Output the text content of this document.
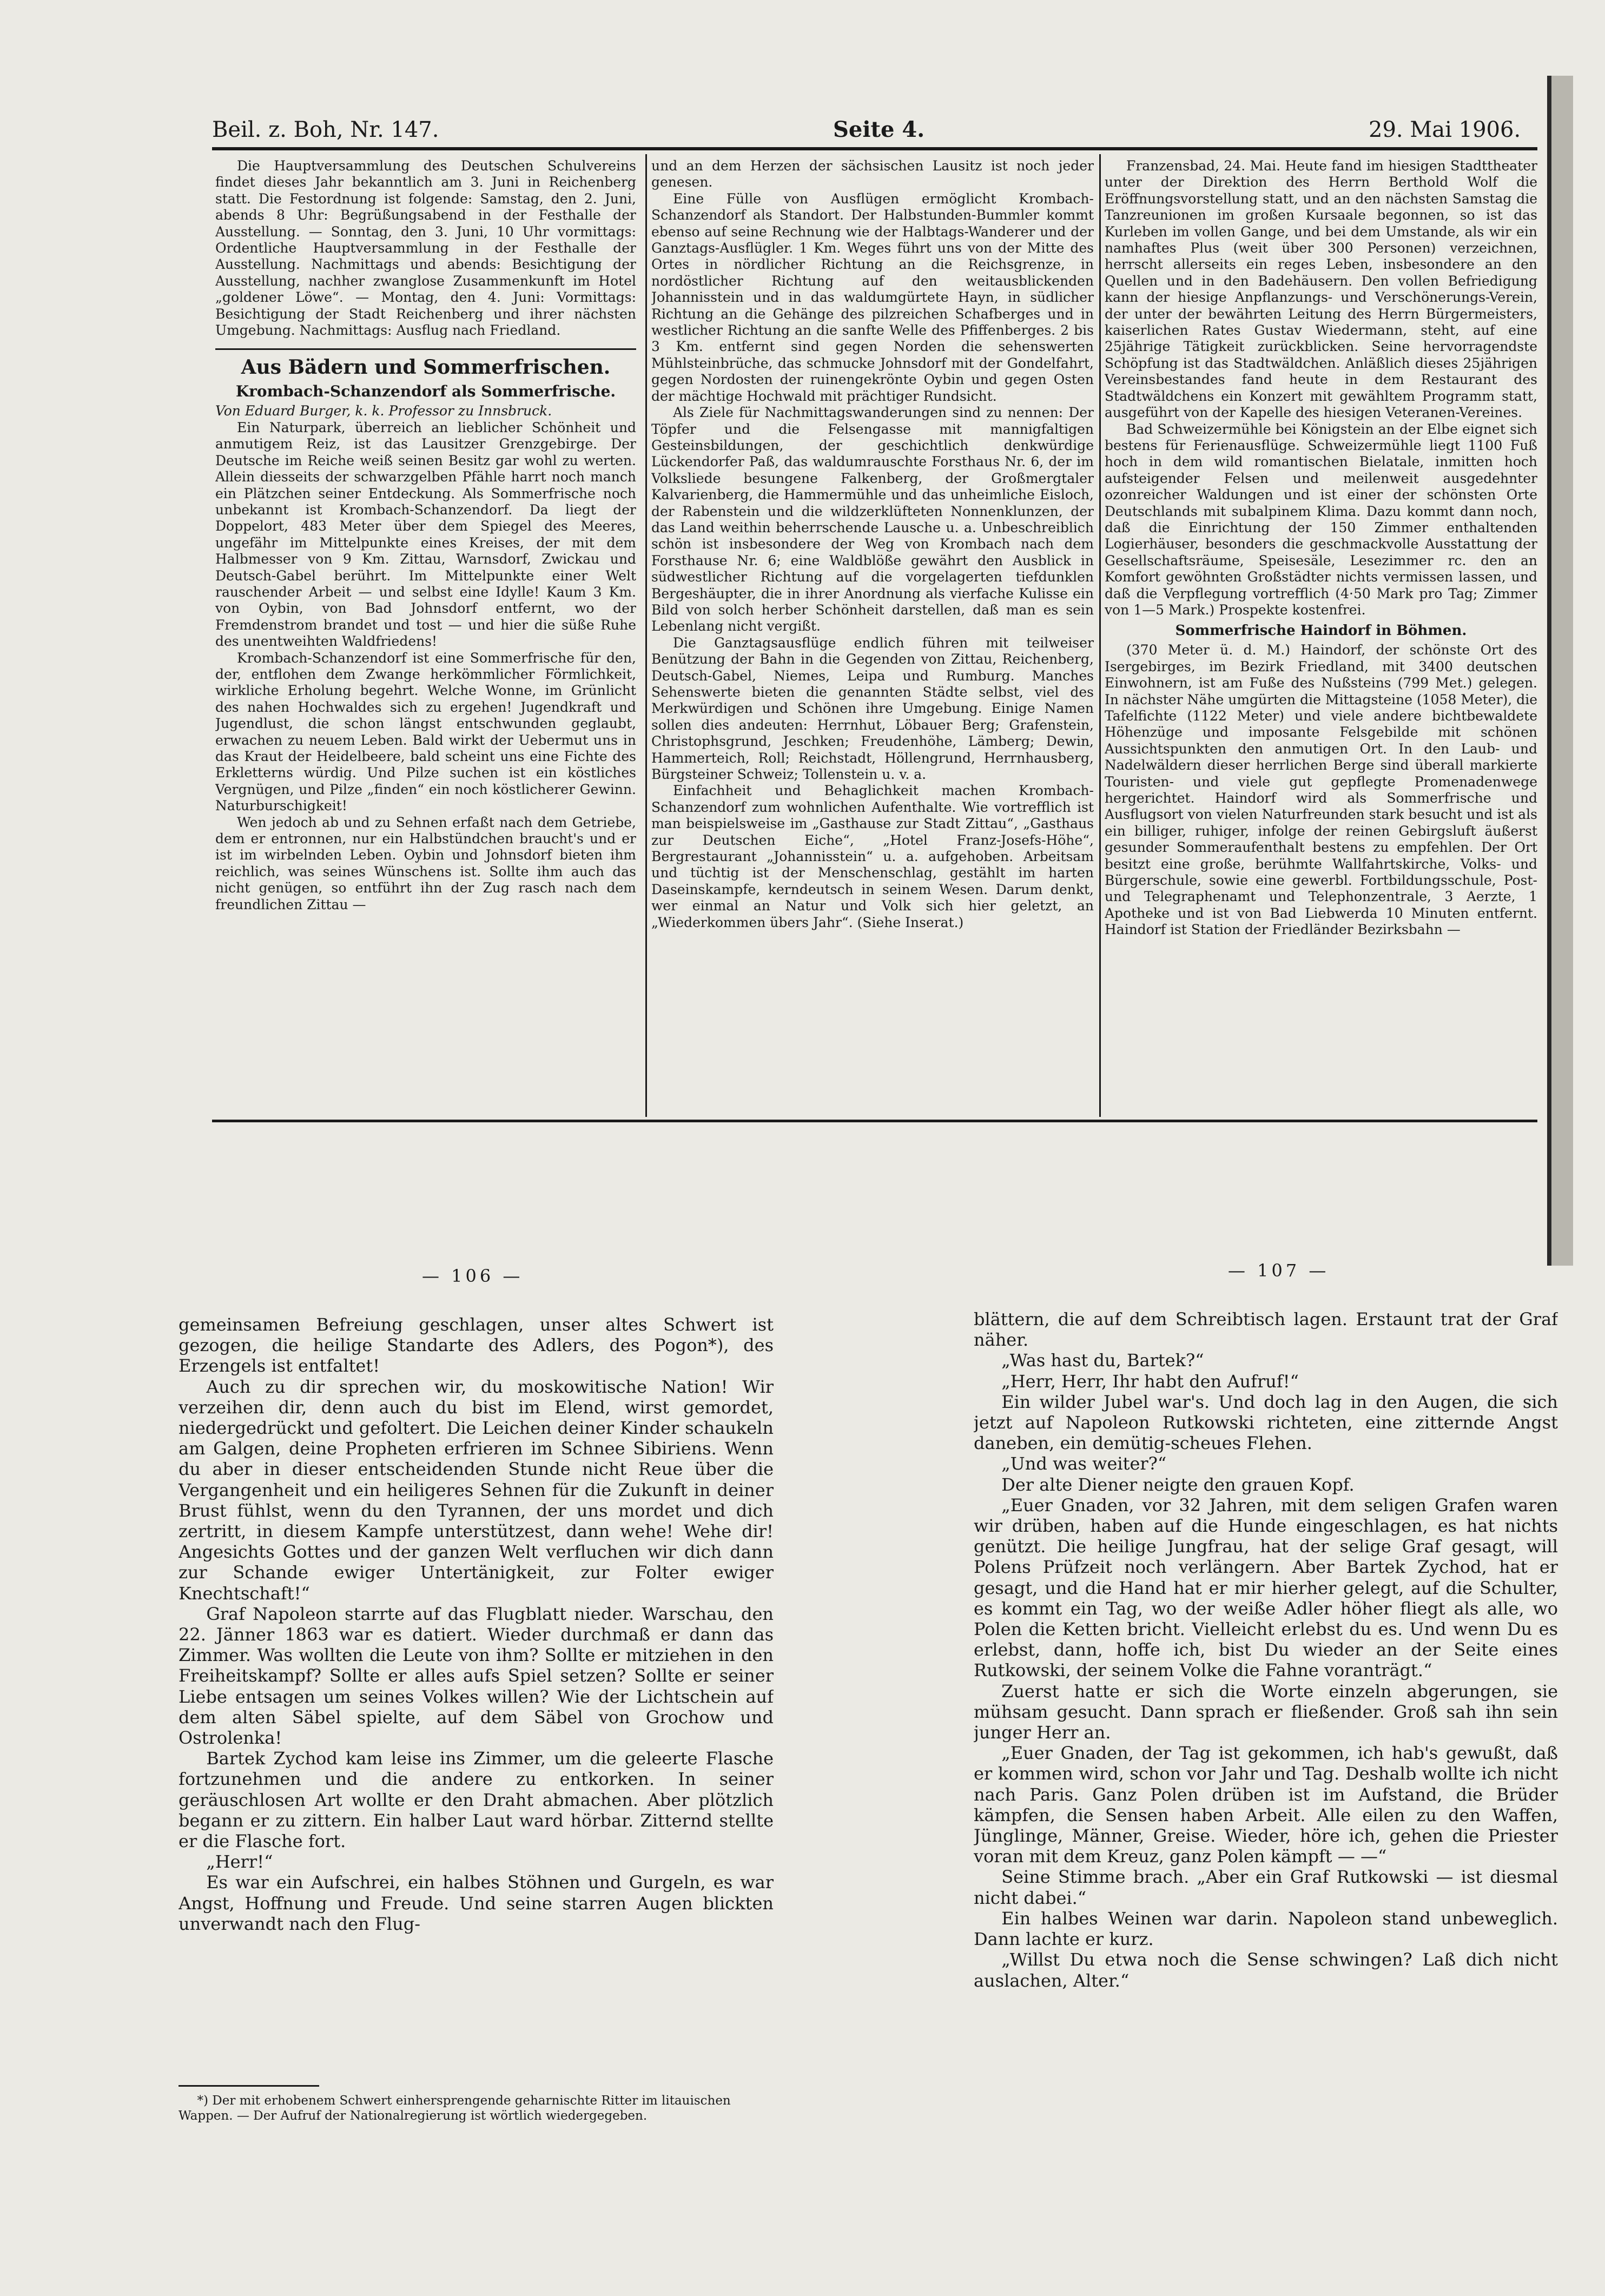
Beil. z. Boh, Nr. 147.	Seite 4.	29. Mai 1906.

Die Hauptversammlung des Deutschen Schulvereins findet dieses Jahr bekanntlich am 3. Juni in Reichenberg statt. Die Festordnung ist folgende: Samstag, den 2. Juni, abends 8 Uhr: Begrüßungsabend in der Festhalle der Ausstellung. — Sonntag, den 3. Juni, 10 Uhr vormittags: Ordentliche Hauptversammlung in der Festhalle der Ausstellung. Nachmittags und abends: Besichtigung der Ausstellung, nachher zwanglose Zusammenkunft im Hotel „goldener Löwe“. — Montag, den 4. Juni: Vormittags: Besichtigung der Stadt Reichenberg und ihrer nächsten Umgebung. Nachmittags: Ausflug nach Friedland.

Aus Bädern und Sommerfrischen.

Krombach-Schanzendorf als Sommerfrische.

Von Eduard Burger, k. k. Professor zu Innsbruck.

Ein Naturpark, überreich an lieblicher Schönheit und anmutigem Reiz, ist das Lausitzer Grenzgebirge. Der Deutsche im Reiche weiß seinen Besitz gar wohl zu werten. Allein diesseits der schwarzgelben Pfähle harrt noch manch ein Plätzchen seiner Entdeckung. Als Sommerfrische noch unbekannt ist Krombach-Schanzendorf. Da liegt der Doppelort, 483 Meter über dem Spiegel des Meeres, ungefähr im Mittelpunkte eines Kreises, der mit dem Halbmesser von 9 Km. Zittau, Warnsdorf, Zwickau und Deutsch-Gabel berührt. Im Mittelpunkte einer Welt rauschender Arbeit — und selbst eine Idylle! Kaum 3 Km. von Oybin, von Bad Johnsdorf entfernt, wo der Fremdenstrom brandet und tost — und hier die süße Ruhe des unentweihten Waldfriedens!

Krombach-Schanzendorf ist eine Sommerfrische für den, der, entflohen dem Zwange herkömmlicher Förmlichkeit, wirkliche Erholung begehrt. Welche Wonne, im Grünlicht des nahen Hochwaldes sich zu ergehen! Jugendkraft und Jugendlust, die schon längst entschwunden geglaubt, erwachen zu neuem Leben. Bald wirkt der Uebermut uns in das Kraut der Heidelbeere, bald scheint uns eine Fichte des Erkletterns würdig. Und Pilze suchen ist ein köstliches Vergnügen, und Pilze „finden“ ein noch köstlicherer Gewinn. Naturburschigkeit!

Wen jedoch ab und zu Sehnen erfaßt nach dem Getriebe, dem er entronnen, nur ein Halbstündchen braucht's und er ist im wirbelnden Leben. Oybin und Johnsdorf bieten ihm reichlich, was seines Wünschens ist. Sollte ihm auch das nicht genügen, so entführt ihn der Zug rasch nach dem freundlichen Zittau —

und an dem Herzen der sächsischen Lausitz ist noch jeder genesen.

Eine Fülle von Ausflügen ermöglicht Krombach-Schanzendorf als Standort. Der Halbstunden-Bummler kommt ebenso auf seine Rechnung wie der Halbtags-Wanderer und der Ganztags-Ausflügler. 1 Km. Weges führt uns von der Mitte des Ortes in nördlicher Richtung an die Reichsgrenze, in nordöstlicher Richtung auf den weitausblickenden Johannisstein und in das waldumgürtete Hayn, in südlicher Richtung an die Gehänge des pilzreichen Schafberges und in westlicher Richtung an die sanfte Welle des Pfiffenberges. 2 bis 3 Km. entfernt sind gegen Norden die sehenswerten Mühlsteinbrüche, das schmucke Johnsdorf mit der Gondelfahrt, gegen Nordosten der ruinengekrönte Oybin und gegen Osten der mächtige Hochwald mit prächtiger Rundsicht.

Als Ziele für Nachmittagswanderungen sind zu nennen: Der Töpfer und die Felsengasse mit mannigfaltigen Gesteinsbildungen, der geschichtlich denkwürdige Lückendorfer Paß, das waldumrauschte Forsthaus Nr. 6, der im Volksliede besungene Falkenberg, der Großmergtaler Kalvarienberg, die Hammermühle und das unheimliche Eisloch, der Rabenstein und die wildzerklüfteten Nonnenklunzen, der das Land weithin beherrschende Lausche u. a. Unbeschreiblich schön ist insbesondere der Weg von Krombach nach dem Forsthause Nr. 6; eine Waldblöße gewährt den Ausblick in südwestlicher Richtung auf die vorgelagerten tiefdunklen Bergeshäupter, die in ihrer Anordnung als vierfache Kulisse ein Bild von solch herber Schönheit darstellen, daß man es sein Lebenlang nicht vergißt.

Die Ganztagsausflüge endlich führen mit teilweiser Benützung der Bahn in die Gegenden von Zittau, Reichenberg, Deutsch-Gabel, Niemes, Leipa und Rumburg. Manches Sehenswerte bieten die genannten Städte selbst, viel des Merkwürdigen und Schönen ihre Umgebung. Einige Namen sollen dies andeuten: Herrnhut, Löbauer Berg; Grafenstein, Christophsgrund, Jeschken; Freudenhöhe, Lämberg; Dewin, Hammerteich, Roll; Reichstadt, Höllengrund, Herrnhausberg, Bürgsteiner Schweiz; Tollenstein u. v. a.

Einfachheit und Behaglichkeit machen Krombach-Schanzendorf zum wohnlichen Aufenthalte. Wie vortrefflich ist man beispielsweise im „Gasthause zur Stadt Zittau“, „Gasthaus zur Deutschen Eiche“, „Hotel Franz-Josefs-Höhe“, Bergrestaurant „Johannisstein“ u. a. aufgehoben. Arbeitsam und tüchtig ist der Menschenschlag, gestählt im harten Daseinskampfe, kerndeutsch in seinem Wesen. Darum denkt, wer einmal an Natur und Volk sich hier geletzt, an „Wiederkommen übers Jahr“. (Siehe Inserat.)

Franzensbad, 24. Mai. Heute fand im hiesigen Stadttheater unter der Direktion des Herrn Berthold Wolf die Eröffnungsvorstellung statt, und an den nächsten Samstag die Tanzreunionen im großen Kursaale begonnen, so ist das Kurleben im vollen Gange, und bei dem Umstande, als wir ein namhaftes Plus (weit über 300 Personen) verzeichnen, herrscht allerseits ein reges Leben, insbesondere an den Quellen und in den Badehäusern. Den vollen Befriedigung kann der hiesige Anpflanzungs- und Verschönerungs-Verein, der unter der bewährten Leitung des Herrn Bürgermeisters, kaiserlichen Rates Gustav Wiedermann, steht, auf eine 25jährige Tätigkeit zurückblicken. Seine hervorragendste Schöpfung ist das Stadtwäldchen. Anläßlich dieses 25jährigen Vereinsbestandes fand heute in dem Restaurant des Stadtwäldchens ein Konzert mit gewähltem Programm statt, ausgeführt von der Kapelle des hiesigen Veteranen-Vereines.

Bad Schweizermühle bei Königstein an der Elbe eignet sich bestens für Ferienausflüge. Schweizermühle liegt 1100 Fuß hoch in dem wild romantischen Bielatale, inmitten hoch aufsteigender Felsen und meilenweit ausgedehnter ozonreicher Waldungen und ist einer der schönsten Orte Deutschlands mit subalpinem Klima. Dazu kommt dann noch, daß die Einrichtung der 150 Zimmer enthaltenden Logierhäuser, besonders die geschmackvolle Ausstattung der Gesellschaftsräume, Speisesäle, Lesezimmer rc. den an Komfort gewöhnten Großstädter nichts vermissen lassen, und daß die Verpflegung vortrefflich (4·50 Mark pro Tag; Zimmer von 1—5 Mark.) Prospekte kostenfrei.

Sommerfrische Haindorf in Böhmen.

(370 Meter ü. d. M.) Haindorf, der schönste Ort des Isergebirges, im Bezirk Friedland, mit 3400 deutschen Einwohnern, ist am Fuße des Nußsteins (799 Met.) gelegen. In nächster Nähe umgürten die Mittagsteine (1058 Meter), die Tafelfichte (1122 Meter) und viele andere bichtbewaldete Höhenzüge und imposante Felsgebilde mit schönen Aussichtspunkten den anmutigen Ort. In den Laub- und Nadelwäldern dieser herrlichen Berge sind überall markierte Touristen- und viele gut gepflegte Promenadenwege hergerichtet. Haindorf wird als Sommerfrische und Ausflugsort von vielen Naturfreunden stark besucht und ist als ein billiger, ruhiger, infolge der reinen Gebirgsluft äußerst gesunder Sommeraufenthalt bestens zu empfehlen. Der Ort besitzt eine große, berühmte Wallfahrtskirche, Volks- und Bürgerschule, sowie eine gewerbl. Fortbildungsschule, Post- und Telegraphenamt und Telephonzentrale, 3 Aerzte, 1 Apotheke und ist von Bad Liebwerda 10 Minuten entfernt. Haindorf ist Station der Friedländer Bezirksbahn —

— 106 —

gemeinsamen Befreiung geschlagen, unser altes Schwert ist gezogen, die heilige Standarte des Adlers, des Pogon*), des Erzengels ist entfaltet!

Auch zu dir sprechen wir, du moskowitische Nation! Wir verzeihen dir, denn auch du bist im Elend, wirst gemordet, niedergedrückt und gefoltert. Die Leichen deiner Kinder schaukeln am Galgen, deine Propheten erfrieren im Schnee Sibiriens. Wenn du aber in dieser entscheidenden Stunde nicht Reue über die Vergangenheit und ein heiligeres Sehnen für die Zukunft in deiner Brust fühlst, wenn du den Tyrannen, der uns mordet und dich zertritt, in diesem Kampfe unterstützest, dann wehe! Wehe dir! Angesichts Gottes und der ganzen Welt verfluchen wir dich dann zur Schande ewiger Untertänigkeit, zur Folter ewiger Knechtschaft!“

Graf Napoleon starrte auf das Flugblatt nieder. Warschau, den 22. Jänner 1863 war es datiert. Wieder durchmaß er dann das Zimmer. Was wollten die Leute von ihm? Sollte er mitziehen in den Freiheitskampf? Sollte er alles aufs Spiel setzen? Sollte er seiner Liebe entsagen um seines Volkes willen? Wie der Lichtschein auf dem alten Säbel spielte, auf dem Säbel von Grochow und Ostrolenka!

Bartek Zychod kam leise ins Zimmer, um die geleerte Flasche fortzunehmen und die andere zu entkorken. In seiner geräuschlosen Art wollte er den Draht abmachen. Aber plötzlich begann er zu zittern. Ein halber Laut ward hörbar. Zitternd stellte er die Flasche fort.

„Herr!“

Es war ein Aufschrei, ein halbes Stöhnen und Gurgeln, es war Angst, Hoffnung und Freude. Und seine starren Augen blickten unverwandt nach den Flug-

*) Der mit erhobenem Schwert einhersprengende geharnischte Ritter im litauischen Wappen. — Der Aufruf der Nationalregierung ist wörtlich wiedergegeben.

— 107 —

blättern, die auf dem Schreibtisch lagen. Erstaunt trat der Graf näher.

„Was hast du, Bartek?“

„Herr, Herr, Ihr habt den Aufruf!“

Ein wilder Jubel war's. Und doch lag in den Augen, die sich jetzt auf Napoleon Rutkowski richteten, eine zitternde Angst daneben, ein demütig-scheues Flehen.

„Und was weiter?“

Der alte Diener neigte den grauen Kopf.

„Euer Gnaden, vor 32 Jahren, mit dem seligen Grafen waren wir drüben, haben auf die Hunde eingeschlagen, es hat nichts genützt. Die heilige Jungfrau, hat der selige Graf gesagt, will Polens Prüfzeit noch verlängern. Aber Bartek Zychod, hat er gesagt, und die Hand hat er mir hierher gelegt, auf die Schulter, es kommt ein Tag, wo der weiße Adler höher fliegt als alle, wo Polen die Ketten bricht. Vielleicht erlebst du es. Und wenn Du es erlebst, dann, hoffe ich, bist Du wieder an der Seite eines Rutkowski, der seinem Volke die Fahne voranträgt.“

Zuerst hatte er sich die Worte einzeln abgerungen, sie mühsam gesucht. Dann sprach er fließender. Groß sah ihn sein junger Herr an.

„Euer Gnaden, der Tag ist gekommen, ich hab's gewußt, daß er kommen wird, schon vor Jahr und Tag. Deshalb wollte ich nicht nach Paris. Ganz Polen drüben ist im Aufstand, die Brüder kämpfen, die Sensen haben Arbeit. Alle eilen zu den Waffen, Jünglinge, Männer, Greise. Wieder, höre ich, gehen die Priester voran mit dem Kreuz, ganz Polen kämpft — —“

Seine Stimme brach. „Aber ein Graf Rutkowski — ist diesmal nicht dabei.“

Ein halbes Weinen war darin. Napoleon stand unbeweglich. Dann lachte er kurz.

„Willst Du etwa noch die Sense schwingen? Laß dich nicht auslachen, Alter.“
